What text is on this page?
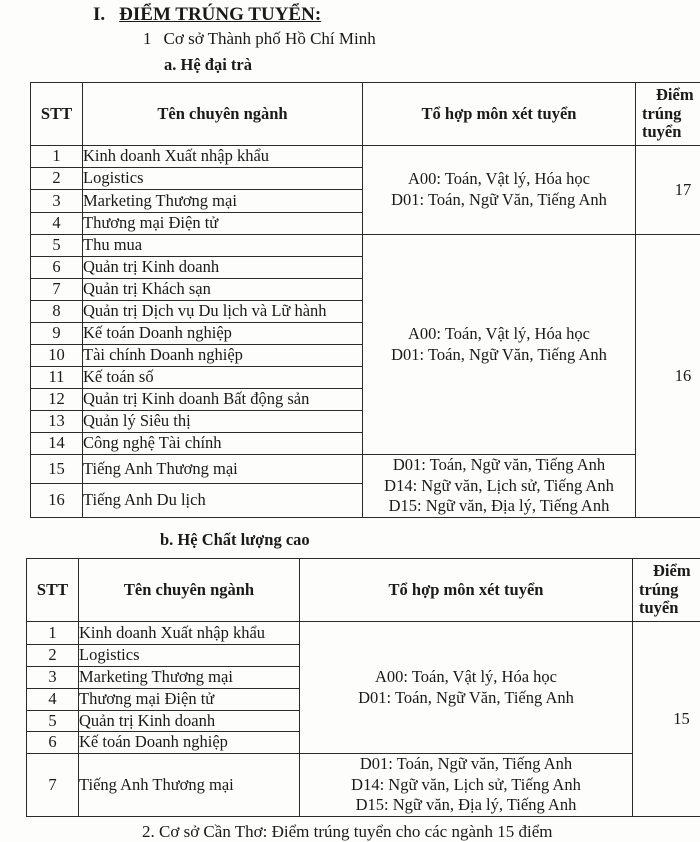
I. ĐIỂM TRÚNG TUYỂN:
1 Cơ sở Thành phố Hồ Chí Minh
a. Hệ đại trà
STT	Tên chuyên ngành	Tổ hợp môn xét tuyển	Điểm
trúng
tuyển

1	Kinh doanh Xuất nhập khẩu	A00: Toán, Vật lý, Hóa học
D01: Toán, Ngữ Văn, Tiếng Anh	17
2	Logistics		
3	Marketing Thương mại		
4	Thương mại Điện tử		
5	Thu mua	A00: Toán, Vật lý, Hóa học
D01: Toán, Ngữ Văn, Tiếng Anh	16
6	Quản trị Kinh doanh		
7	Quản trị Khách sạn		
8	Quản trị Dịch vụ Du lịch và Lữ hành		
9	Kế toán Doanh nghiệp		
10	Tài chính Doanh nghiệp		
11	Kế toán số		
12	Quản trị Kinh doanh Bất động sản		
13	Quản lý Siêu thị		
14	Công nghệ Tài chính		
15	Tiếng Anh Thương mại	D01: Toán, Ngữ văn, Tiếng Anh
D14: Ngữ văn, Lịch sử, Tiếng Anh
D15: Ngữ văn, Địa lý, Tiếng Anh	

16	Tiếng Anh Du lịch		
b. Hệ Chất lượng cao
STT	Tên chuyên ngành	Tổ hợp môn xét tuyển	Điểm
trúng
tuyển

1	Kinh doanh Xuất nhập khẩu	A00: Toán, Vật lý, Hóa học
D01: Toán, Ngữ Văn, Tiếng Anh	15
2	Logistics		
3	Marketing Thương mại		
4	Thương mại Điện tử		
5	Quản trị Kinh doanh		
6	Kế toán Doanh nghiệp		
7	Tiếng Anh Thương mại	D01: Toán, Ngữ văn, Tiếng Anh
D14: Ngữ văn, Lịch sử, Tiếng Anh
D15: Ngữ văn, Địa lý, Tiếng Anh	
2. Cơ sở Cần Thơ: Điểm trúng tuyển cho các ngành 15 điểm
